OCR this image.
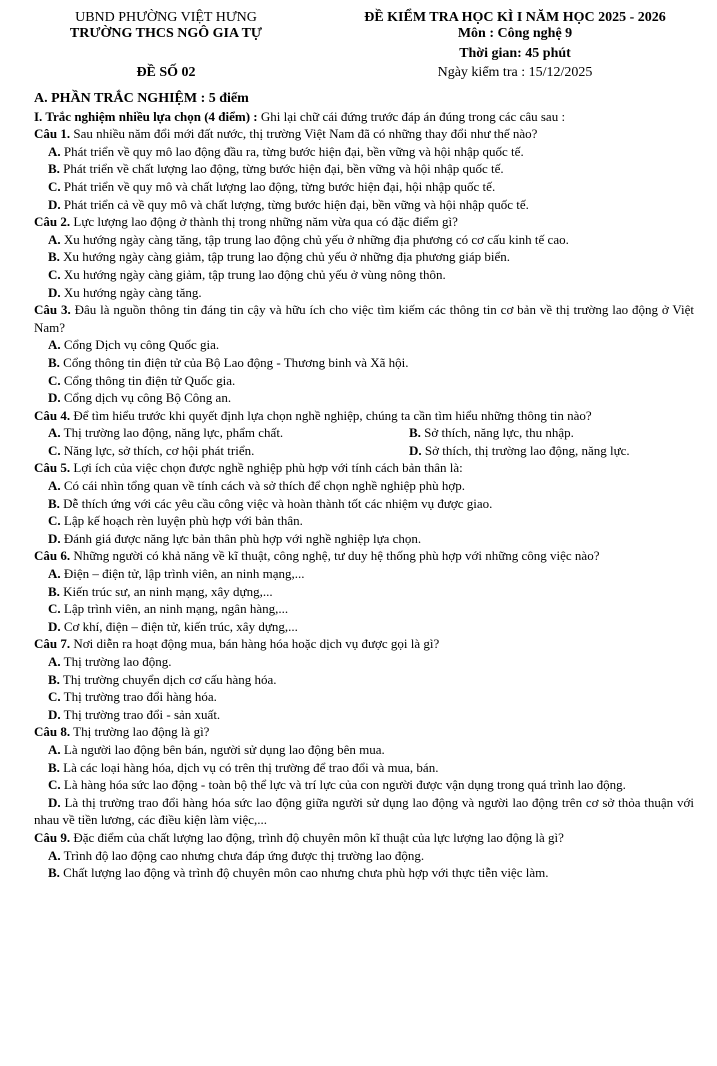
UBND PHƯỜNG VIỆT HƯNG
TRƯỜNG THCS NGÔ GIA TỰ
ĐỀ SỐ 02
ĐỀ KIỂM TRA HỌC KÌ I NĂM HỌC 2025 - 2026
Môn : Công nghệ 9
Thời gian: 45 phút
Ngày kiểm tra : 15/12/2025
A. PHẦN TRẮC NGHIỆM : 5 điểm
I. Trắc nghiệm nhiều lựa chọn (4 điểm) : Ghi lại chữ cái đứng trước đáp án đúng trong các câu sau :
Câu 1. Sau nhiều năm đổi mới đất nước, thị trường Việt Nam đã có những thay đổi như thế nào?
A. Phát triển về quy mô lao động đầu ra, từng bước hiện đại, bền vững và hội nhập quốc tế.
B. Phát triển về chất lượng lao động, từng bước hiện đại, bền vững và hội nhập quốc tế.
C. Phát triển về quy mô và chất lượng lao động, từng bước hiện đại, hội nhập quốc tế.
D. Phát triển cả về quy mô và chất lượng, từng bước hiện đại, bền vững và hội nhập quốc tế.
Câu 2. Lực lượng lao động ở thành thị trong những năm vừa qua có đặc điểm gì?
A. Xu hướng ngày càng tăng, tập trung lao động chủ yếu ở những địa phương có cơ cấu kinh tế cao.
B. Xu hướng ngày càng giảm, tập trung lao động chủ yếu ở những địa phương giáp biển.
C. Xu hướng ngày càng giảm, tập trung lao động chủ yếu ở vùng nông thôn.
D. Xu hướng ngày càng tăng.
Câu 3. Đâu là nguồn thông tin đáng tin cậy và hữu ích cho việc tìm kiếm các thông tin cơ bản về thị trường lao động ở Việt Nam?
A. Cổng Dịch vụ công Quốc gia.
B. Cổng thông tin điện tử của Bộ Lao động - Thương binh và Xã hội.
C. Cổng thông tin điện tử Quốc gia.
D. Cổng dịch vụ công Bộ Công an.
Câu 4. Để tìm hiểu trước khi quyết định lựa chọn nghề nghiệp, chúng ta cần tìm hiểu những thông tin nào?
A. Thị trường lao động, năng lực, phẩm chất.	B. Sở thích, năng lực, thu nhập.
C. Năng lực, sở thích, cơ hội phát triển.	D. Sở thích, thị trường lao động, năng lực.
Câu 5. Lợi ích của việc chọn được nghề nghiệp phù hợp với tính cách bản thân là:
A. Có cái nhìn tổng quan về tính cách và sở thích để chọn nghề nghiệp phù hợp.
B. Dễ thích ứng với các yêu cầu công việc và hoàn thành tốt các nhiệm vụ được giao.
C. Lập kế hoạch rèn luyện phù hợp với bản thân.
D. Đánh giá được năng lực bản thân phù hợp với nghề nghiệp lựa chọn.
Câu 6. Những người có khả năng về kĩ thuật, công nghệ, tư duy hệ thống phù hợp với những công việc nào?
A. Điện – điện tử, lập trình viên, an ninh mạng,...
B. Kiến trúc sư, an ninh mạng, xây dựng,...
C. Lập trình viên, an ninh mạng, ngân hàng,...
D. Cơ khí, điện – điện tử, kiến trúc, xây dựng,...
Câu 7. Nơi diễn ra hoạt động mua, bán hàng hóa hoặc dịch vụ được gọi là gì?
A. Thị trường lao động.
B. Thị trường chuyển dịch cơ cấu hàng hóa.
C. Thị trường trao đổi hàng hóa.
D. Thị trường trao đổi - sản xuất.
Câu 8. Thị trường lao động là gì?
A. Là người lao động bên bán, người sử dụng lao động bên mua.
B. Là các loại hàng hóa, dịch vụ có trên thị trường để trao đổi và mua, bán.
C. Là hàng hóa sức lao động - toàn bộ thể lực và trí lực của con người được vận dụng trong quá trình lao động.
D. Là thị trường trao đổi hàng hóa sức lao động giữa người sử dụng lao động và người lao động trên cơ sở thỏa thuận với nhau về tiền lương, các điều kiện làm việc,...
Câu 9. Đặc điểm của chất lượng lao động, trình độ chuyên môn kĩ thuật của lực lượng lao động là gì?
A. Trình độ lao động cao nhưng chưa đáp ứng được thị trường lao động.
B. Chất lượng lao động và trình độ chuyên môn cao nhưng chưa phù hợp với thực tiễn việc làm.
